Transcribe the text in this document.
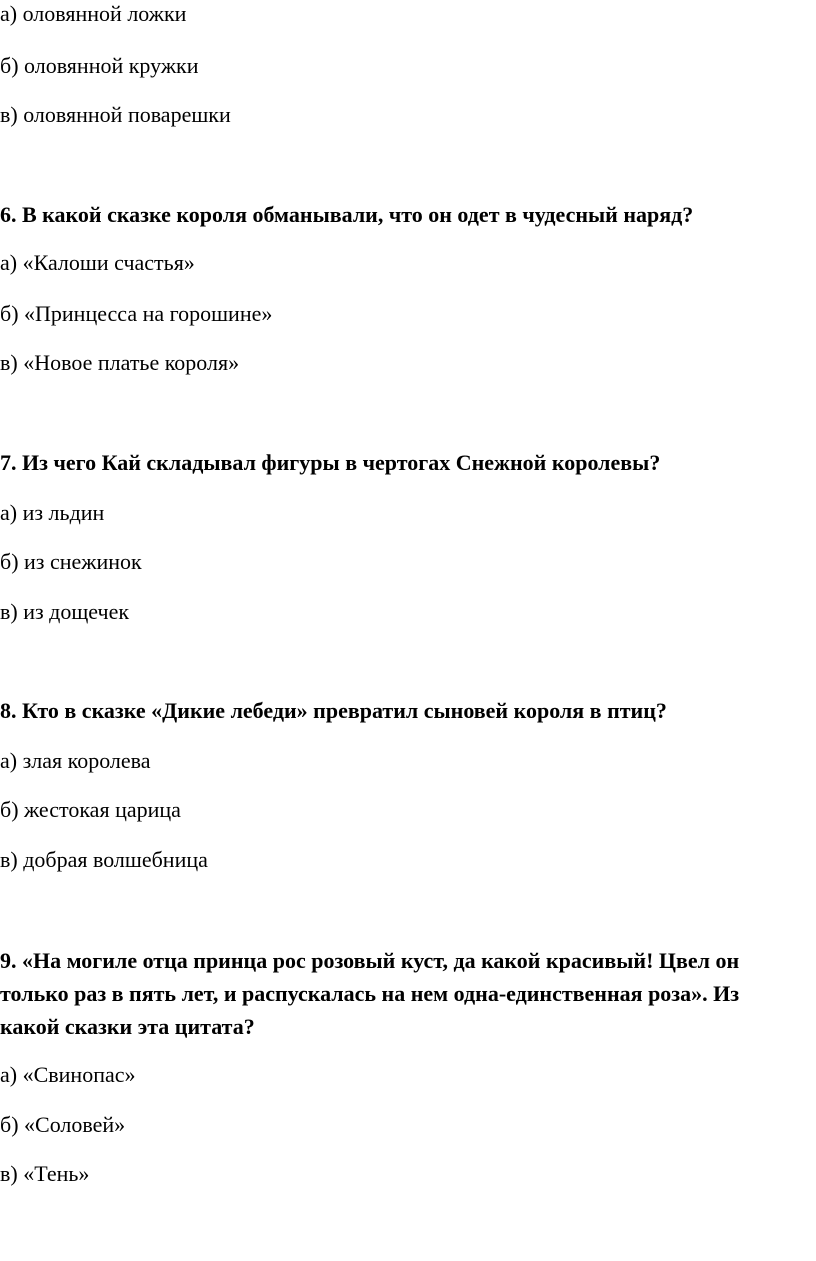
а) оловянной ложки
б) оловянной кружки
в) оловянной поварешки
6. В какой сказке короля обманывали, что он одет в чудесный наряд?
а) «Калоши счастья»
б) «Принцесса на горошине»
в) «Новое платье короля»
7. Из чего Кай складывал фигуры в чертогах Снежной королевы?
а) из льдин
б) из снежинок
в) из дощечек
8. Кто в сказке «Дикие лебеди» превратил сыновей короля в птиц?
а) злая королева
б) жестокая царица
в) добрая волшебница
9. «На могиле отца принца рос розовый куст, да какой красивый! Цвел он только раз в пять лет, и распускалась на нем одна-единственная роза». Из какой сказки эта цитата?
а) «Свинопас»
б) «Соловей»
в) «Тень»
